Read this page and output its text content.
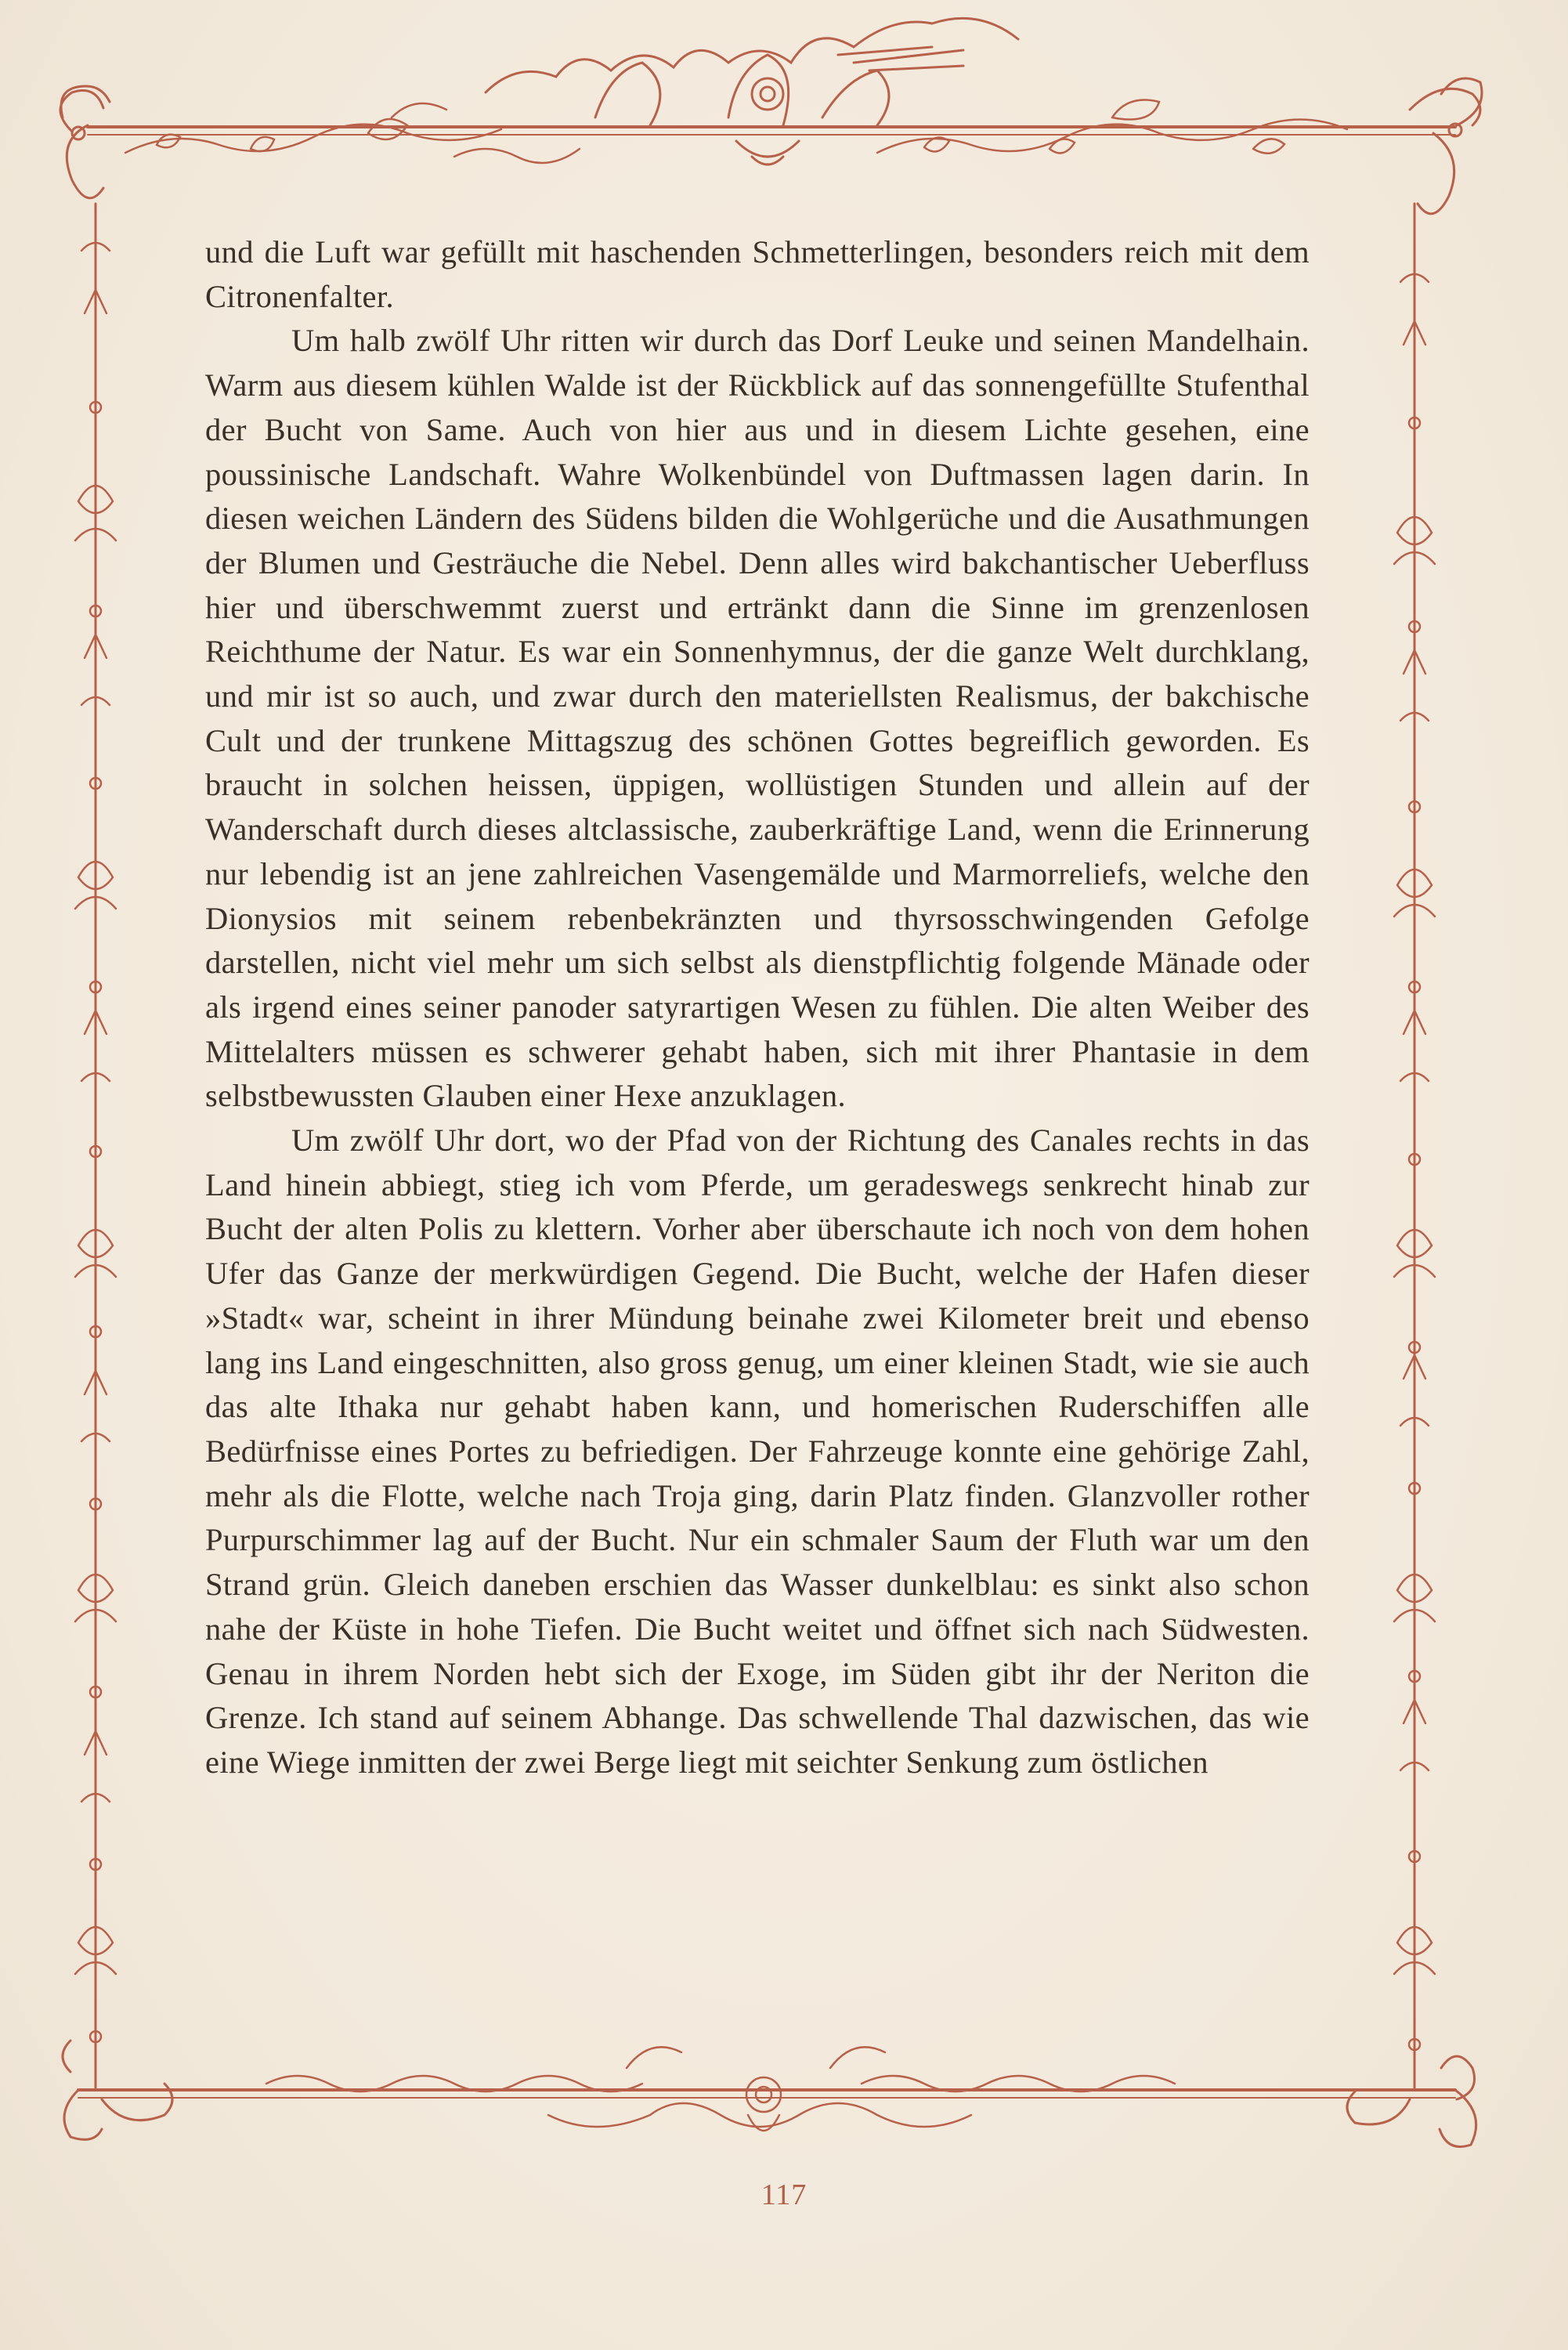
und die Luft war gefüllt mit haschenden Schmetterlingen, besonders reich mit dem Citronenfalter.

Um halb zwölf Uhr ritten wir durch das Dorf Leuke und seinen Mandelhain. Warm aus diesem kühlen Walde ist der Rückblick auf das sonnengefüllte Stufenthal der Bucht von Same. Auch von hier aus und in diesem Lichte gesehen, eine poussinische Landschaft. Wahre Wolkenbündel von Duftmassen lagen darin. In diesen weichen Ländern des Südens bilden die Wohlgerüche und die Ausathmungen der Blumen und Gesträuche die Nebel. Denn alles wird bakchantischer Ueberfluss hier und überschwemmt zuerst und ertränkt dann die Sinne im grenzenlosen Reichthume der Natur. Es war ein Sonnenhymnus, der die ganze Welt durchklang, und mir ist so auch, und zwar durch den materiellsten Realismus, der bakchische Cult und der trunkene Mittagszug des schönen Gottes begreiflich geworden. Es braucht in solchen heissen, üppigen, wollüstigen Stunden und allein auf der Wanderschaft durch dieses altclassische, zauberkräftige Land, wenn die Erinnerung nur lebendig ist an jene zahlreichen Vasengemälde und Marmorreliefs, welche den Dionysios mit seinem rebenbekränzten und thyrsosschwingenden Gefolge darstellen, nicht viel mehr um sich selbst als dienstpflichtig folgende Mänade oder als irgend eines seiner panoder satyrartigen Wesen zu fühlen. Die alten Weiber des Mittelalters müssen es schwerer gehabt haben, sich mit ihrer Phantasie in dem selbstbewussten Glauben einer Hexe anzuklagen.

Um zwölf Uhr dort, wo der Pfad von der Richtung des Canales rechts in das Land hinein abbiegt, stieg ich vom Pferde, um geradeswegs senkrecht hinab zur Bucht der alten Polis zu klettern. Vorher aber überschaute ich noch von dem hohen Ufer das Ganze der merkwürdigen Gegend. Die Bucht, welche der Hafen dieser »Stadt« war, scheint in ihrer Mündung beinahe zwei Kilometer breit und ebenso lang ins Land eingeschnitten, also gross genug, um einer kleinen Stadt, wie sie auch das alte Ithaka nur gehabt haben kann, und homerischen Ruderschiffen alle Bedürfnisse eines Portes zu befriedigen. Der Fahrzeuge konnte eine gehörige Zahl, mehr als die Flotte, welche nach Troja ging, darin Platz finden. Glanzvoller rother Purpurschimmer lag auf der Bucht. Nur ein schmaler Saum der Fluth war um den Strand grün. Gleich daneben erschien das Wasser dunkelblau: es sinkt also schon nahe der Küste in hohe Tiefen. Die Bucht weitet und öffnet sich nach Südwesten. Genau in ihrem Norden hebt sich der Exoge, im Süden gibt ihr der Neriton die Grenze. Ich stand auf seinem Abhange. Das schwellende Thal dazwischen, das wie eine Wiege inmitten der zwei Berge liegt mit seichter Senkung zum östlichen

117
